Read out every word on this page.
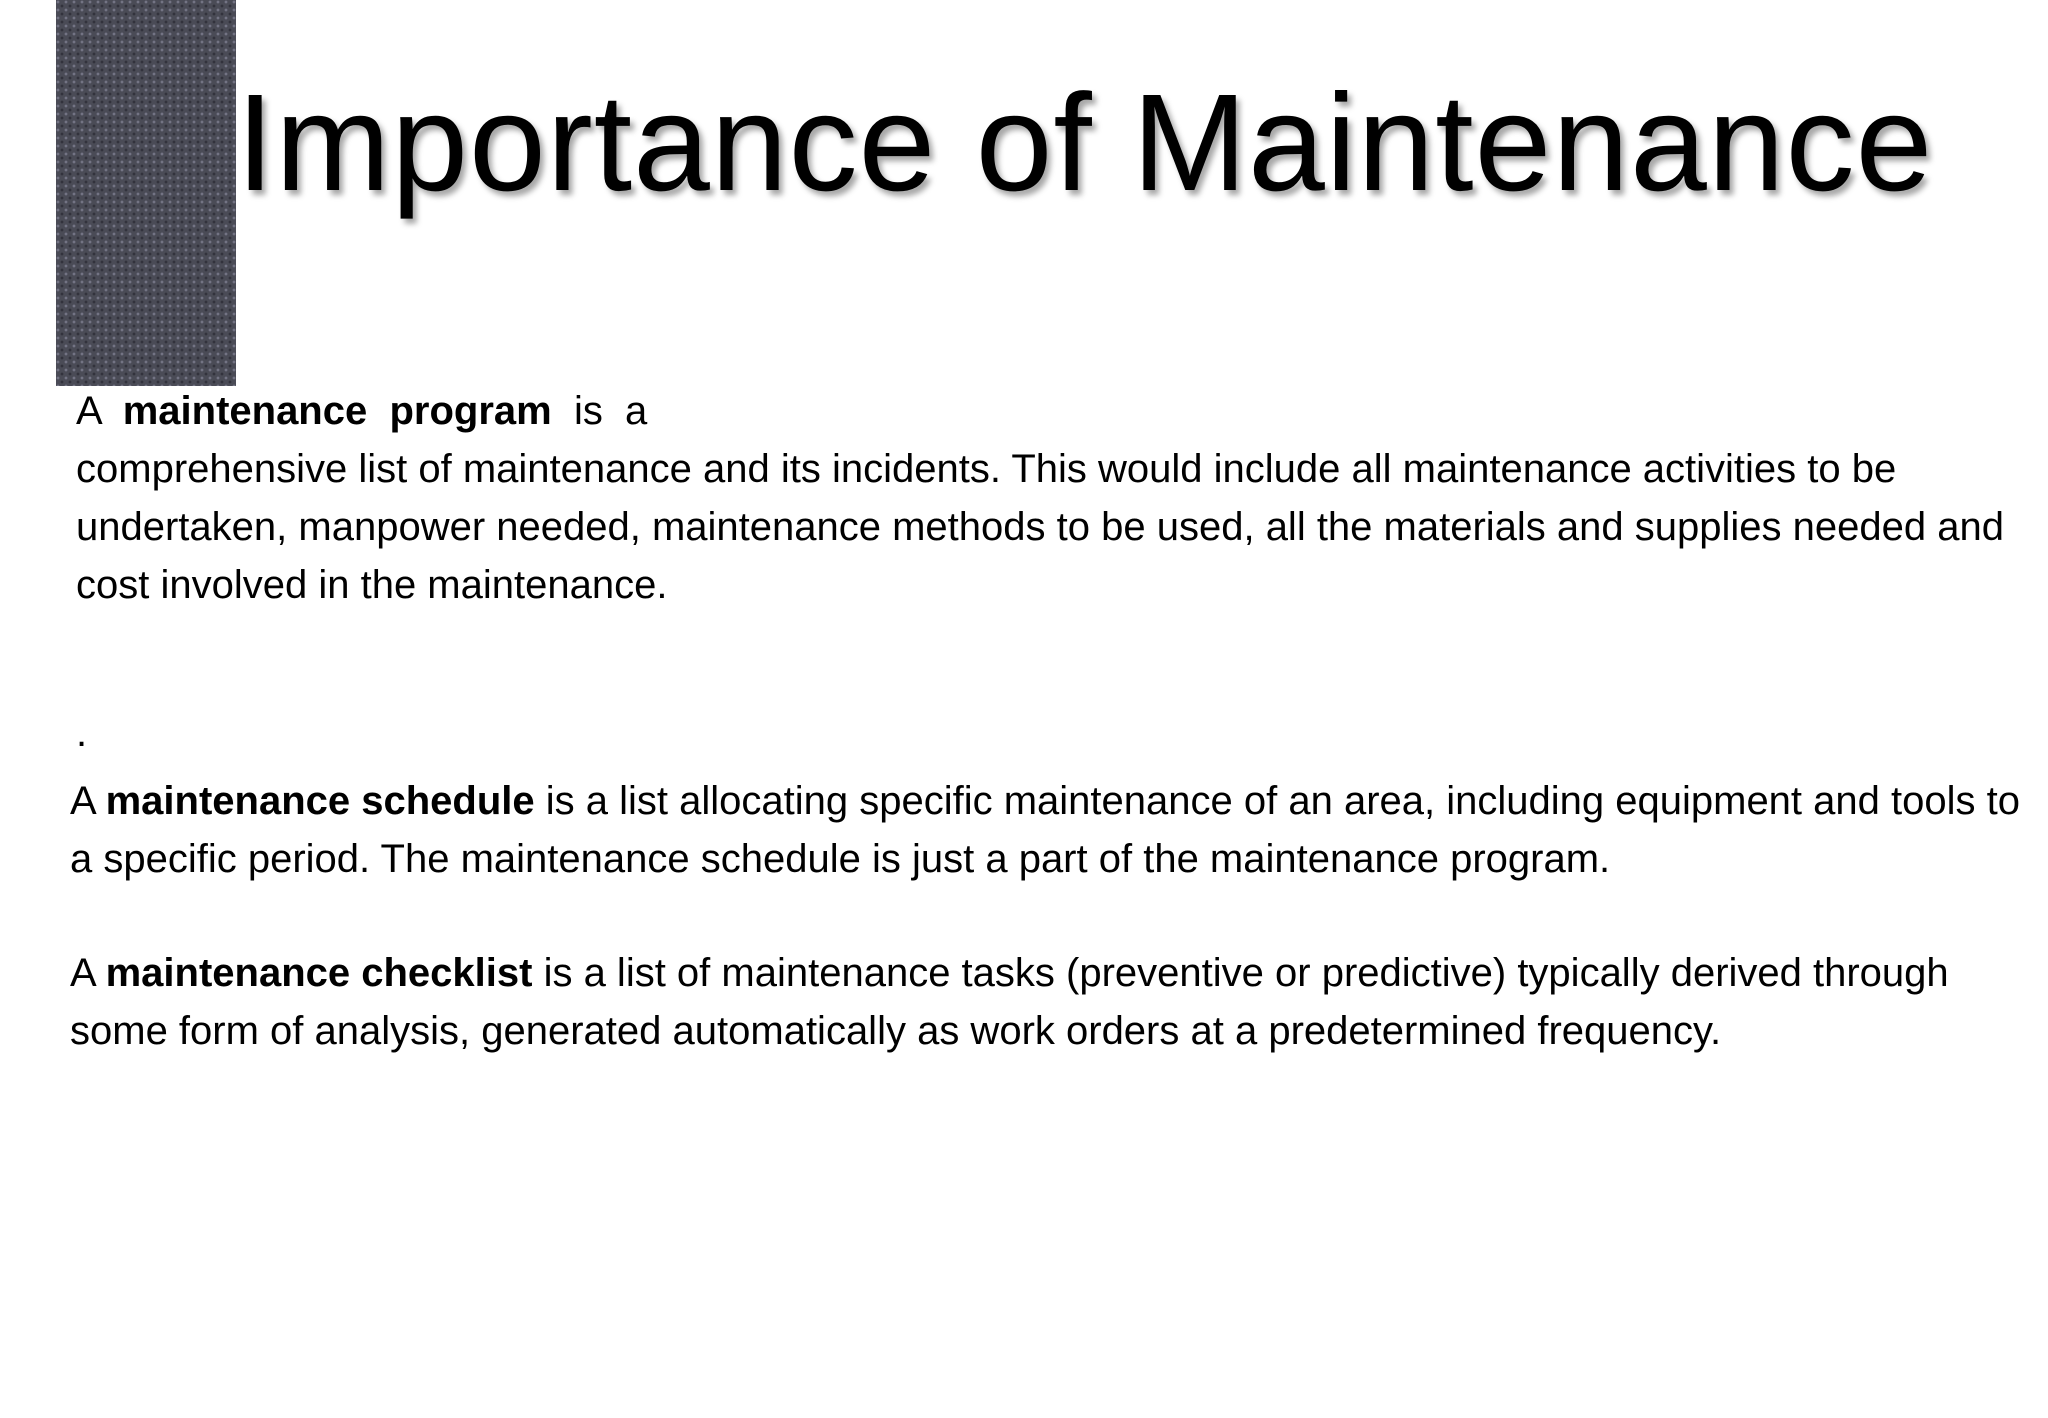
Importance of Maintenance

A  maintenance  program  is  a
comprehensive list of maintenance and its incidents. This would include all maintenance activities to be undertaken, manpower needed, maintenance methods to be used, all the materials and supplies needed and cost involved in the maintenance.

.

A maintenance schedule is a list allocating specific maintenance of an area, including equipment and tools to a specific period. The maintenance schedule is just a part of the maintenance program.

A maintenance checklist is a list of maintenance tasks (preventive or predictive) typically derived through some form of analysis, generated automatically as work orders at a predetermined frequency.
